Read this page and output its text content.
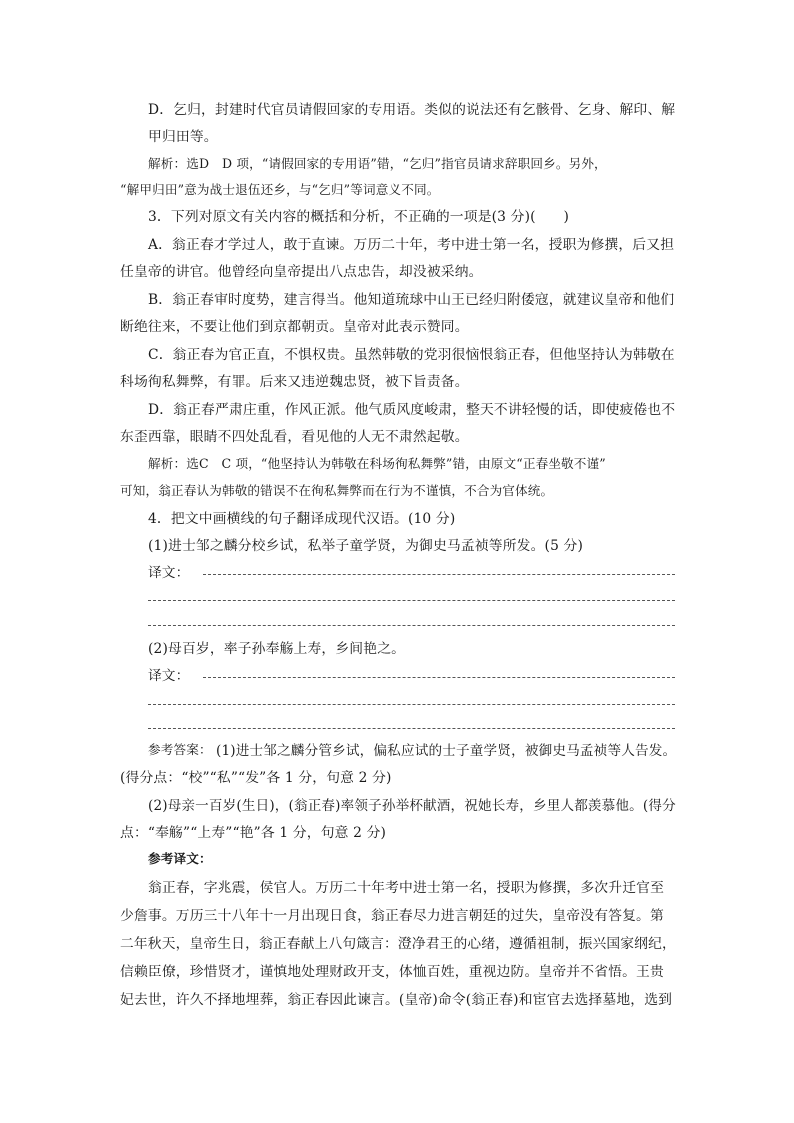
D．乞归，封建时代官员请假回家的专用语。类似的说法还有乞骸骨、乞身、解印、解
甲归田等。
解析：选D　D 项，“请假回家的专用语”错，“乞归”指官员请求辞职回乡。另外，
“解甲归田”意为战士退伍还乡，与“乞归”等词意义不同。
3．下列对原文有关内容的概括和分析，不正确的一项是(3 分)(　　)
A．翁正春才学过人，敢于直谏。万历二十年，考中进士第一名，授职为修撰，后又担
任皇帝的讲官。他曾经向皇帝提出八点忠告，却没被采纳。
B．翁正春审时度势，建言得当。他知道琉球中山王已经归附倭寇，就建议皇帝和他们
断绝往来，不要让他们到京都朝贡。皇帝对此表示赞同。
C．翁正春为官正直，不惧权贵。虽然韩敬的党羽很恼恨翁正春，但他坚持认为韩敬在
科场徇私舞弊，有罪。后来又违逆魏忠贤，被下旨责备。
D．翁正春严肃庄重，作风正派。他气质风度峻肃，整天不讲轻慢的话，即使疲倦也不
东歪西靠，眼睛不四处乱看，看见他的人无不肃然起敬。
解析：选C　C 项，“他坚持认为韩敬在科场徇私舞弊”错，由原文“正春坐敬不谨”
可知，翁正春认为韩敬的错误不在徇私舞弊而在行为不谨慎，不合为官体统。
4．把文中画横线的句子翻译成现代汉语。(10 分)
(1)进士邹之麟分校乡试，私举子童学贤，为御史马孟祯等所发。(5 分)
译文：
(2)母百岁，率子孙奉觞上寿，乡间艳之。
译文：
参考答案： (1)进士邹之麟分管乡试，偏私应试的士子童学贤，被御史马孟祯等人告发。
(得分点：“校”“私”“发”各 1 分，句意 2 分)
(2)母亲一百岁(生日)，(翁正春)率领子孙举杯献酒，祝她长寿，乡里人都羡慕他。(得分
点：“奉觞”“上寿”“艳”各 1 分，句意 2 分)
参考译文：
翁正春，字兆震，侯官人。万历二十年考中进士第一名，授职为修撰，多次升迁官至
少詹事。万历三十八年十一月出现日食，翁正春尽力进言朝廷的过失，皇帝没有答复。第
二年秋天，皇帝生日，翁正春献上八句箴言：澄净君王的心绪，遵循祖制，振兴国家纲纪，
信赖臣僚，珍惜贤才，谨慎地处理财政开支，体恤百姓，重视边防。皇帝并不省悟。王贵
妃去世，许久不择地埋葬，翁正春因此谏言。(皇帝)命令(翁正春)和宦官去选择墓地，选到
